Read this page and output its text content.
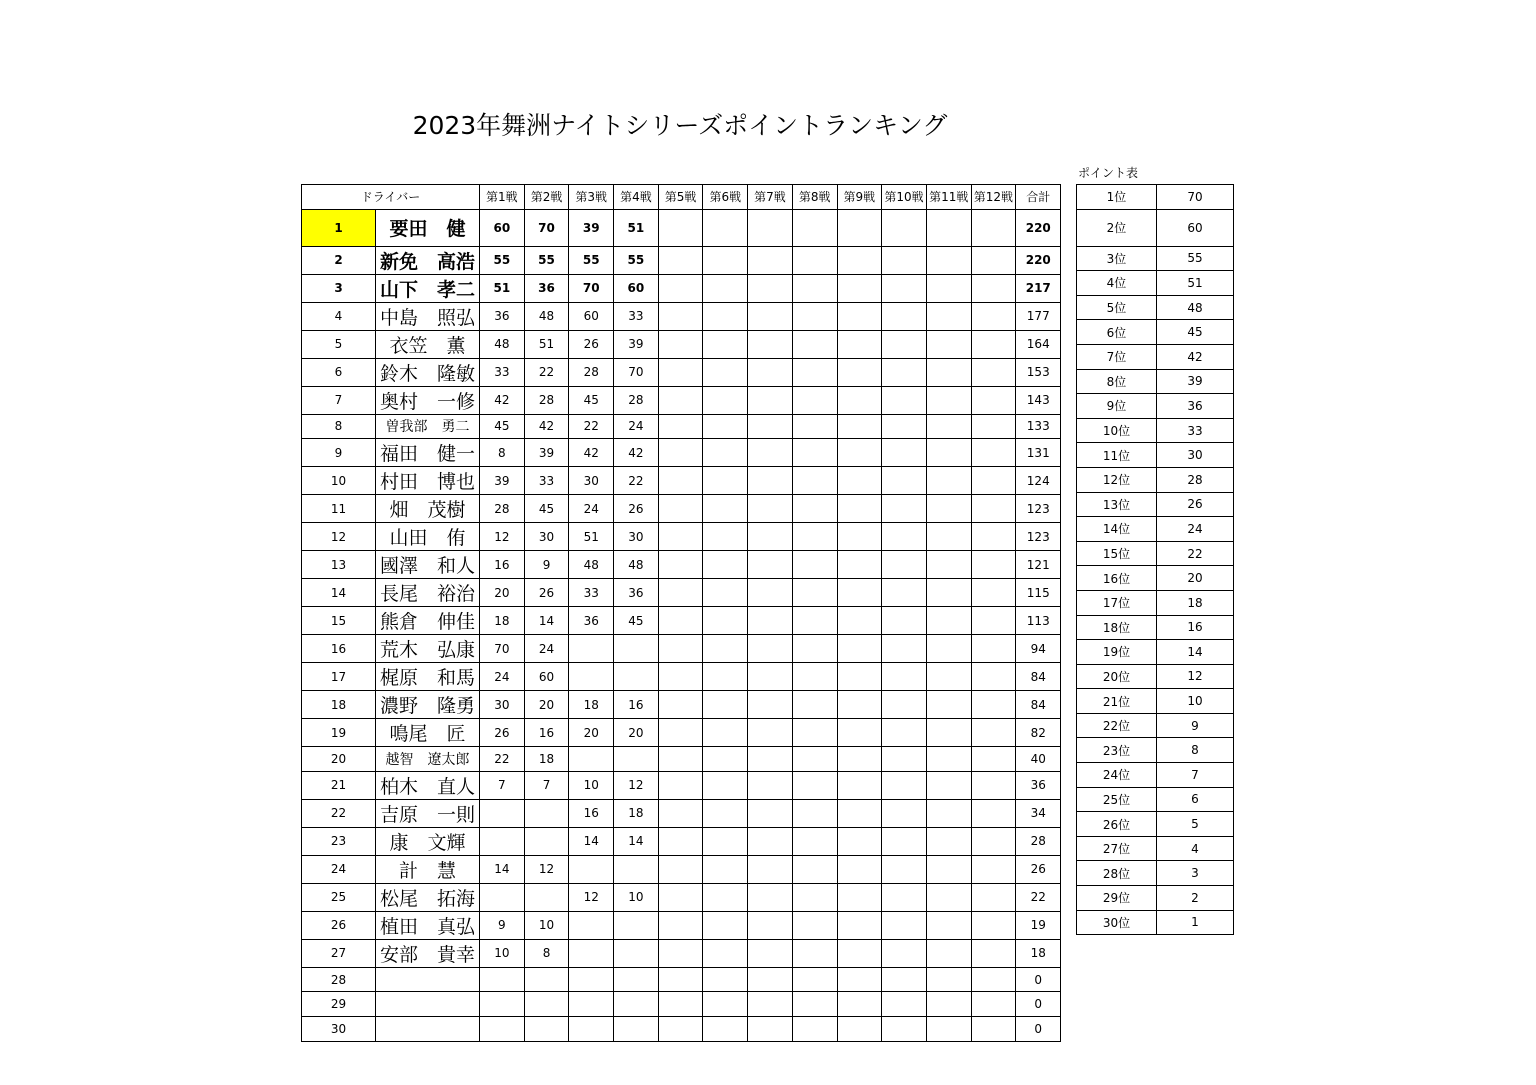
2023年舞洲ナイトシリーズポイントランキング
ドライバー		第1戦	第2戦	第3戦	第4戦	第5戦	第6戦	第7戦	第8戦	第9戦	第10戦	第11戦	第12戦	合計
1	要田　健	60	70	39	51									220
2	新免　高浩	55	55	55	55									220
3	山下　孝二	51	36	70	60									217
4	中島　照弘	36	48	60	33									177
5	衣笠　薫	48	51	26	39									164
6	鈴木　隆敏	33	22	28	70									153
7	奥村　一修	42	28	45	28									143
8	曽我部　勇二	45	42	22	24									133
9	福田　健一	8	39	42	42									131
10	村田　博也	39	33	30	22									124
11	畑　茂樹	28	45	24	26									123
12	山田　侑	12	30	51	30									123
13	國澤　和人	16	9	48	48									121
14	長尾　裕治	20	26	33	36									115
15	熊倉　伸佳	18	14	36	45									113
16	荒木　弘康	70	24											94
17	梶原　和馬	24	60											84
18	濃野　隆勇	30	20	18	16									84
19	鳴尾　匠	26	16	20	20									82
20	越智　遼太郎	22	18											40
21	柏木　直人	7	7	10	12									36
22	吉原　一則			16	18									34
23	康　文輝			14	14									28
24	計　慧	14	12											26
25	松尾　拓海			12	10									22
26	植田　真弘	9	10											19
27	安部　貴幸	10	8											18
28														0
29														0
30														0
ポイント表
1位	70
2位	60
3位	55
4位	51
5位	48
6位	45
7位	42
8位	39
9位	36
10位	33
11位	30
12位	28
13位	26
14位	24
15位	22
16位	20
17位	18
18位	16
19位	14
20位	12
21位	10
22位	9
23位	8
24位	7
25位	6
26位	5
27位	4
28位	3
29位	2
30位	1
